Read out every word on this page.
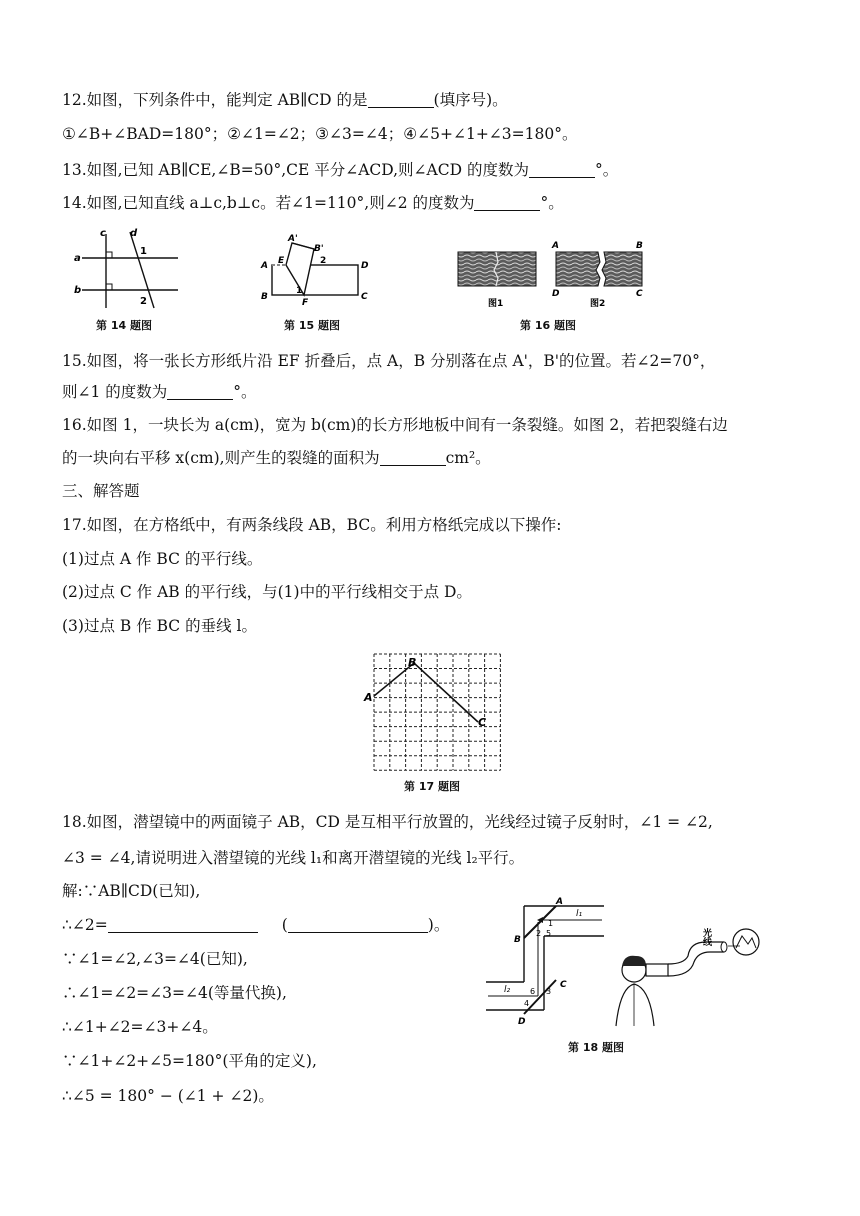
12.如图，下列条件中，能判定 AB∥CD 的是	(填序号)。
①∠B+∠BAD=180°；②∠1=∠2；③∠3=∠4；④∠5+∠1+∠3=180°。
13.如图,已知 AB∥CE,∠B=50°,CE 平分∠ACD,则∠ACD 的度数为	°。
14.如图,已知直线 a⊥c,b⊥c。若∠1=110°,则∠2 的度数为	°。
c d
a
b
1
2
第 14 题图
A'
B'
E
A	2	D
B
1
F
C
第 15 题图
A	B
D	C
图1	图2
第 16 题图
15.如图，将一张长方形纸片沿 EF 折叠后，点 A，B 分别落在点 A'，B'的位置。若∠2=70°，
则∠1 的度数为	°。
16.如图 1，一块长为 a(cm)，宽为 b(cm)的长方形地板中间有一条裂缝。如图 2，若把裂缝右边
的一块向右平移 x(cm),则产生的裂缝的面积为	cm²。
三、解答题
17.如图，在方格纸中，有两条线段 AB，BC。利用方格纸完成以下操作:
(1)过点 A 作 BC 的平行线。
(2)过点 C 作 AB 的平行线，与(1)中的平行线相交于点 D。
(3)过点 B 作 BC 的垂线 l。
A
B
C
第 17 题图
18.如图，潜望镜中的两面镜子 AB，CD 是互相平行放置的，光线经过镜子反射时，∠1 = ∠2,
∠3 = ∠4,请说明进入潜望镜的光线 l₁和离开潜望镜的光线 l₂平行。
解:∵AB∥CD(已知),
∴∠2=	(	)。
∵∠1=∠2,∠3=∠4(已知),
∴∠1=∠2=∠3=∠4(等量代换),
∴∠1+∠2=∠3+∠4。
∵∠1+∠2+∠5=180°(平角的定义),
∴∠5 = 180° − (∠1 + ∠2)。
A
B
C
D
l₁
l₂
1
2 5
3
6
4
光线
第 18 题图
